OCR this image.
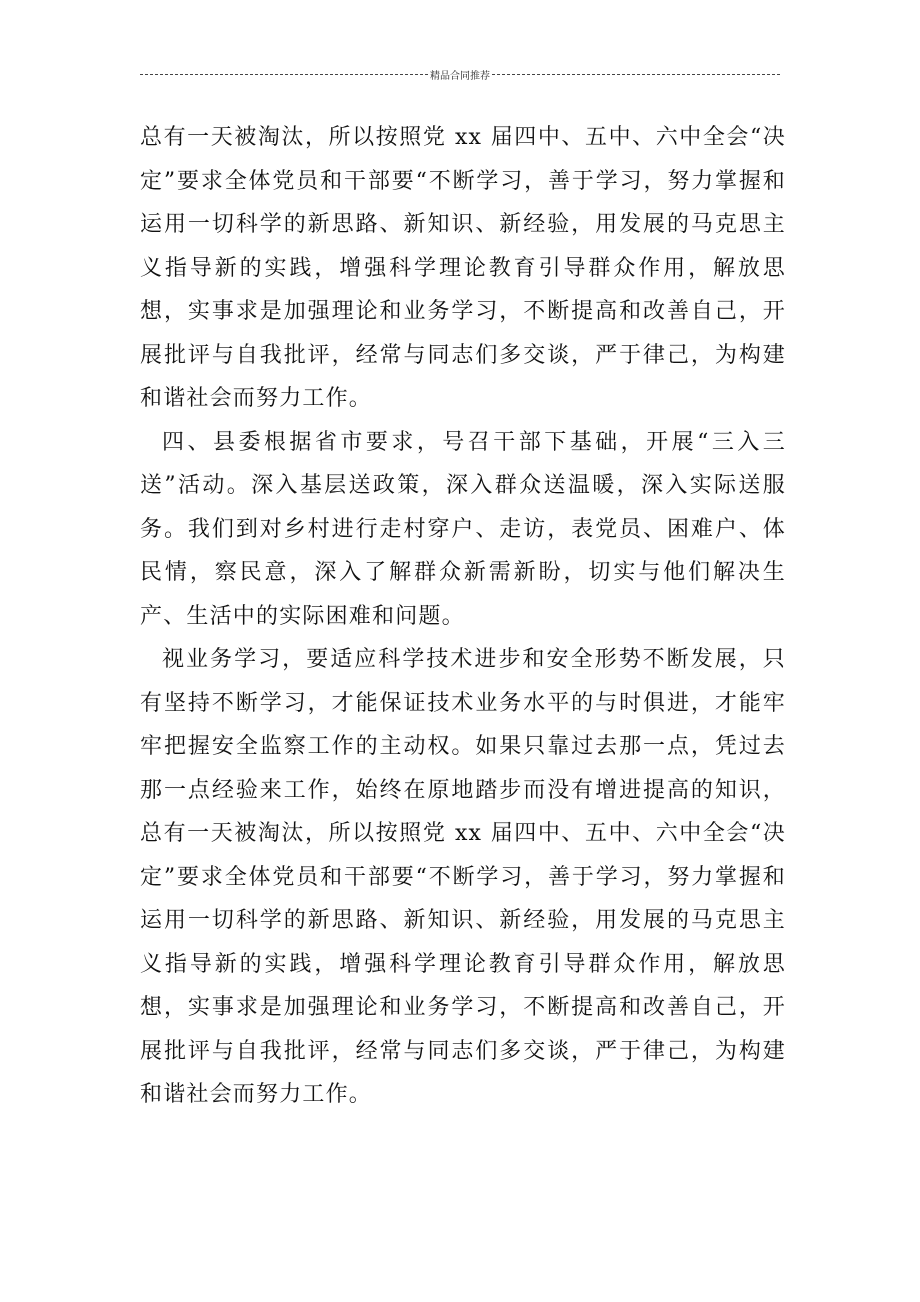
精品合同推荐

总有一天被淘汰，所以按照党 xx 届四中、五中、六中全会“决定”要求全体党员和干部要“不断学习，善于学习，努力掌握和运用一切科学的新思路、新知识、新经验，用发展的马克思主义指导新的实践，增强科学理论教育引导群众作用，解放思想，实事求是加强理论和业务学习，不断提高和改善自己，开展批评与自我批评，经常与同志们多交谈，严于律己，为构建和谐社会而努力工作。

四、县委根据省市要求，号召干部下基础，开展“三入三送”活动。深入基层送政策，深入群众送温暖，深入实际送服务。我们到对乡村进行走村穿户、走访，表党员、困难户、体民情，察民意，深入了解群众新需新盼，切实与他们解决生产、生活中的实际困难和问题。

视业务学习，要适应科学技术进步和安全形势不断发展，只有坚持不断学习，才能保证技术业务水平的与时俱进，才能牢牢把握安全监察工作的主动权。如果只靠过去那一点，凭过去那一点经验来工作，始终在原地踏步而没有增进提高的知识，总有一天被淘汰，所以按照党 xx 届四中、五中、六中全会“决定”要求全体党员和干部要“不断学习，善于学习，努力掌握和运用一切科学的新思路、新知识、新经验，用发展的马克思主义指导新的实践，增强科学理论教育引导群众作用，解放思想，实事求是加强理论和业务学习，不断提高和改善自己，开展批评与自我批评，经常与同志们多交谈，严于律己，为构建和谐社会而努力工作。
